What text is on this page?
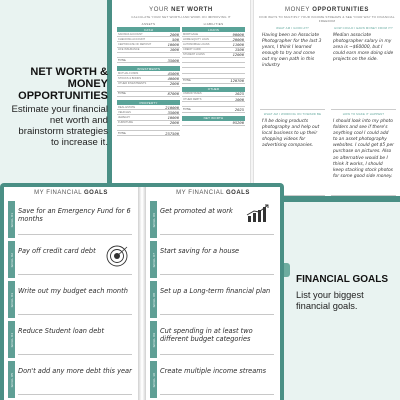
YOUR NET WORTH
CALCULATE YOUR NET WORTH AND WORK ON IMPROVING IT
ASSETS
CASH
SAVINGS ACCOUNT	2000
CHECKING ACCOUNT	500
CERTIFICATE OF DEPOSIT	10000
LIFE INSURANCE	1000
TOTAL	35000
INVESTMENTS
MUTUAL FUNDS	45000
STOCKS & BONDS	40000
OTHER INVESTMENTS	2000
TOTAL	87000
PROPERTY
REAL ESTATE	210000
VEHICLES	35000
JEWELRY	10000
FURNITURE	2000
TOTAL	257500
LIABILITIES
LOANS
MORTGAGE	90000
HOME EQUITY LOAN	20000
AUTOMOBILE LOANS	11000
CREDIT CARD	1500
STUDENT LOANS	12000
TOTAL	120700
OTHER
UNPAID TAXES	1025
OTHER DEBTS	1000
TOTAL	2025
NET WORTH
95200
MONEY OPPORTUNITIES
FIND WAYS TO MULTIPLY YOUR INCOME STREAMS & SEE YOUR WAY TO FINANCIAL FREEDOM
WHAT AM I GOOD AT?
Having been an Associate Photographer for the last 3 years, I think I learned enough to try and come out my own path in this industry
HOW COULD I EARN MONEY FROM IT?
Median associate photographer salary in my area is ~$60000, but I could earn more doing side projects on the side.
WHAT AM I WORKING ON TOWARD BE
I'll be doing products photography and help out local business to up their shopping videos for advertising companies.
HOW TO MAKE IT HAPPEN?
I should look into my photo folders and see if there's anything cool I could add to an asset photography websites. I could get $5 per purchase on pictures. Also an alternative would be I think it works, I should keep stacking stock photos for some good side money.
NET WORTH &
MONEY
OPPORTUNITIES
Estimate your financial net worth and brainstorm strategies to increase it.
MY FINANCIAL GOALS
GOAL 01
Save for an Emergency Fund for 6 months
GOAL 02
Pay off credit card debt
GOAL 03
Write out my budget each month
GOAL 04
Reduce Student loan debt
GOAL 05
Don't add any more debt this year
MY FINANCIAL GOALS
GOAL 06
Get promoted at work
GOAL 07
Start saving for a house
GOAL 08
Set up a Long-term financial plan
GOAL 09
Cut spending in at least two different budget categories
GOAL 10
Create multiple income streams
FINANCIAL GOALS
List your biggest financial goals.
